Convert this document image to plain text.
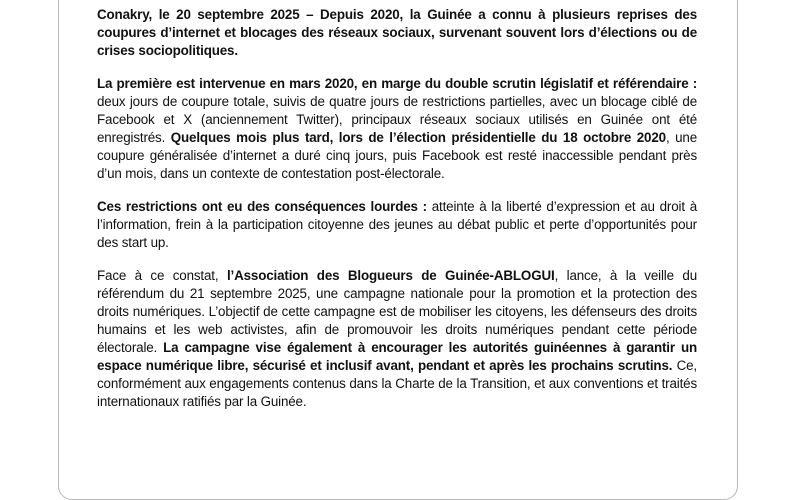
Conakry, le 20 septembre 2025 – Depuis 2020, la Guinée a connu à plusieurs reprises des coupures d’internet et blocages des réseaux sociaux, survenant souvent lors d’élections ou de crises sociopolitiques.

La première est intervenue en mars 2020, en marge du double scrutin législatif et référendaire : deux jours de coupure totale, suivis de quatre jours de restrictions partielles, avec un blocage ciblé de Facebook et X (anciennement Twitter), principaux réseaux sociaux utilisés en Guinée ont été enregistrés. Quelques mois plus tard, lors de l’élection présidentielle du 18 octobre 2020, une coupure généralisée d’internet a duré cinq jours, puis Facebook est resté inaccessible pendant près d’un mois, dans un contexte de contestation post-électorale.

Ces restrictions ont eu des conséquences lourdes : atteinte à la liberté d’expression et au droit à l’information, frein à la participation citoyenne des jeunes au débat public et perte d’opportunités pour des start up.

Face à ce constat, l’Association des Blogueurs de Guinée-ABLOGUI, lance, à la veille du référendum du 21 septembre 2025, une campagne nationale pour la promotion et la protection des droits numériques. L’objectif de cette campagne est de mobiliser les citoyens, les défenseurs des droits humains et les web activistes, afin de promouvoir les droits numériques pendant cette période électorale. La campagne vise également à encourager les autorités guinéennes à garantir un espace numérique libre, sécurisé et inclusif avant, pendant et après les prochains scrutins. Ce, conformément aux engagements contenus dans la Charte de la Transition, et aux conventions et traités internationaux ratifiés par la Guinée.
